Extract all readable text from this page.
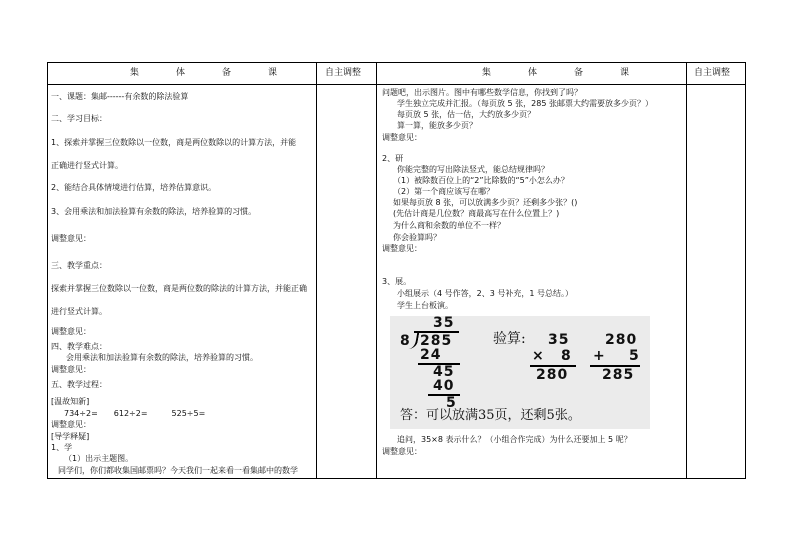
集　体　备　课	自主调整	集　体　备　课	自主调整
一、课题：集邮------有余数的除法验算
二、学习目标：
1、探索并掌握三位数除以一位数，商是两位数除以的计算方法，并能
正确进行竖式计算。
2、能结合具体情境进行估算，培养估算意识。
3、会用乘法和加法验算有余数的除法，培养验算的习惯。
调整意见：
三、教学重点：
探索并掌握三位数除以一位数，商是两位数的除法的计算方法，并能正确
进行竖式计算。
调整意见：
四、教学难点：
会用乘法和加法验算有余数的除法，培养验算的习惯。
调整意见：
五、教学过程：
[温故知新]
734÷2=　　612÷2=　　　525÷5=
调整意见：
[导学释疑]
1、学
（1）出示主题图。
同学们，你们都收集国邮票吗？今天我们一起来看一看集邮中的数学
问题吧，出示图片。图中有哪些数学信息，你找到了吗？
学生独立完成并汇报。（每页放 5 张，285 张邮票大约需要放多少页？）
每页放 5 张，估一估，大约放多少页？
算一算，能放多少页？
调整意见：
2、研
你能完整的写出除法竖式，能总结规律吗？
（1）被除数百位上的“2”比除数的“5”小怎么办？
（2）第一个商应该写在哪？
如果每页放 8 张，可以放满多少页？还剩多少张？()
(先估计商是几位数？商最高写在什么位置上？)
为什么商和余数的单位不一样？
你会验算吗？
调整意见：
3、展。
小组展示（4 号作答，2、3 号补充，1 号总结。）
学生上台板演。
35
8 285
24
45
40
5
验算: 35
× 8
280
280
+ 5
285
答：可以放满35页，还剩5张。
追问，35×8 表示什么？（小组合作完成）为什么还要加上 5 呢？
调整意见：
